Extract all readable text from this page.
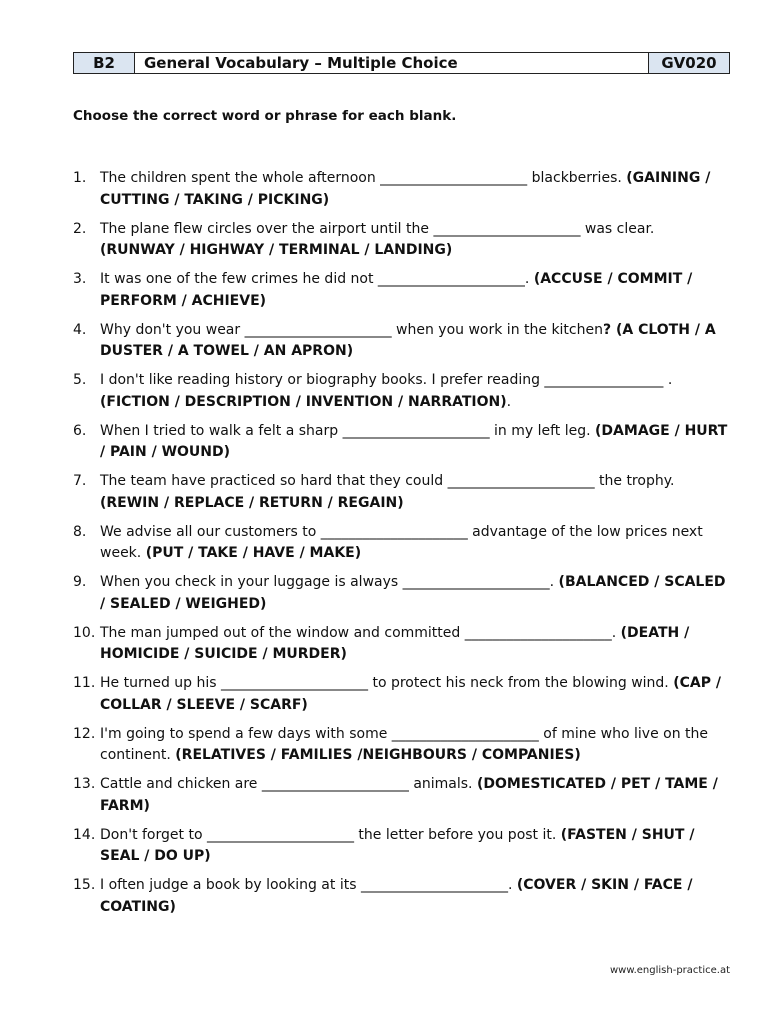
B2	General Vocabulary – Multiple Choice	GV020
Choose the correct word or phrase for each blank.
1. The children spent the whole afternoon _____________________ blackberries. (GAINING / CUTTING / TAKING / PICKING)
2. The plane flew circles over the airport until the _____________________ was clear. (RUNWAY / HIGHWAY / TERMINAL / LANDING)
3. It was one of the few crimes he did not _____________________. (ACCUSE / COMMIT / PERFORM / ACHIEVE)
4. Why don't you wear _____________________ when you work in the kitchen? (A CLOTH / A DUSTER / A TOWEL / AN APRON)
5. I don't like reading history or biography books. I prefer reading _________________ . (FICTION / DESCRIPTION / INVENTION / NARRATION).
6. When I tried to walk a felt a sharp _____________________ in my left leg. (DAMAGE / HURT / PAIN / WOUND)
7. The team have practiced so hard that they could _____________________ the trophy. (REWIN / REPLACE / RETURN / REGAIN)
8. We advise all our customers to _____________________ advantage of the low prices next week. (PUT / TAKE / HAVE / MAKE)
9. When you check in your luggage is always _____________________. (BALANCED / SCALED / SEALED / WEIGHED)
10. The man jumped out of the window and committed _____________________. (DEATH / HOMICIDE / SUICIDE / MURDER)
11. He turned up his _____________________ to protect his neck from the blowing wind. (CAP / COLLAR / SLEEVE / SCARF)
12. I'm going to spend a few days with some _____________________ of mine who live on the continent. (RELATIVES / FAMILIES /NEIGHBOURS / COMPANIES)
13. Cattle and chicken are _____________________ animals. (DOMESTICATED / PET / TAME / FARM)
14. Don't forget to _____________________ the letter before you post it. (FASTEN / SHUT / SEAL / DO UP)
15. I often judge a book by looking at its _____________________. (COVER / SKIN / FACE / COATING)
www.english-practice.at
